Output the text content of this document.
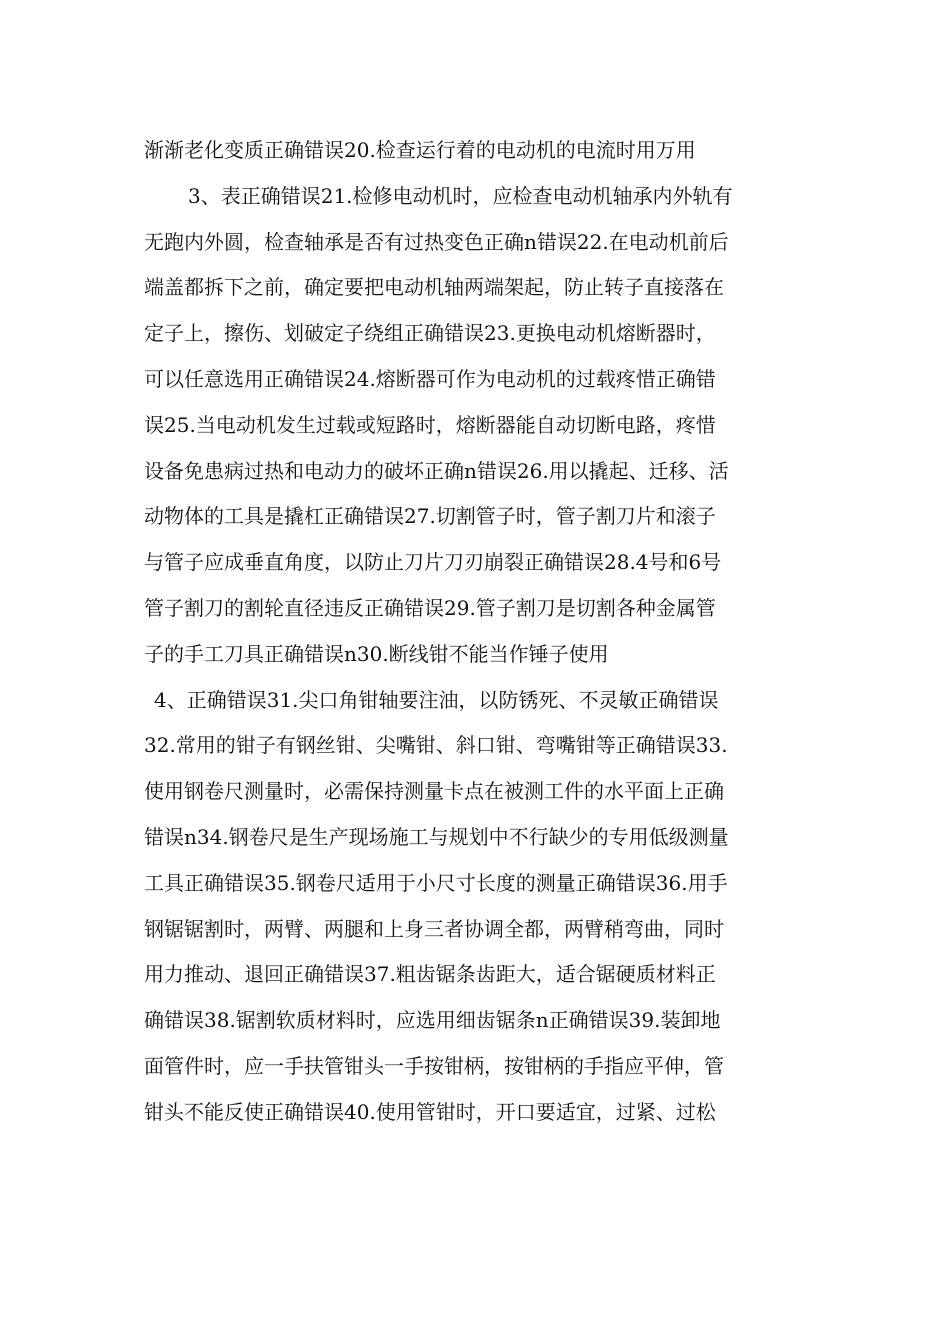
渐渐老化变质正确错误20.检查运行着的电动机的电流时用万用
3、表正确错误21.检修电动机时，应检查电动机轴承内外轨有
无跑内外圆，检查轴承是否有过热变色正确n错误22.在电动机前后
端盖都拆下之前，确定要把电动机轴两端架起，防止转子直接落在
定子上，擦伤、划破定子绕组正确错误23.更换电动机熔断器时，
可以任意选用正确错误24.熔断器可作为电动机的过载疼惜正确错
误25.当电动机发生过载或短路时，熔断器能自动切断电路，疼惜
设备免患病过热和电动力的破坏正确n错误26.用以撬起、迁移、活
动物体的工具是撬杠正确错误27.切割管子时，管子割刀片和滚子
与管子应成垂直角度，以防止刀片刀刃崩裂正确错误28.4号和6号
管子割刀的割轮直径违反正确错误29.管子割刀是切割各种金属管
子的手工刀具正确错误n30.断线钳不能当作锤子使用
4、正确错误31.尖口角钳轴要注油，以防锈死、不灵敏正确错误
32.常用的钳子有钢丝钳、尖嘴钳、斜口钳、弯嘴钳等正确错误33.
使用钢卷尺测量时，必需保持测量卡点在被测工件的水平面上正确
错误n34.钢卷尺是生产现场施工与规划中不行缺少的专用低级测量
工具正确错误35.钢卷尺适用于小尺寸长度的测量正确错误36.用手
钢锯锯割时，两臂、两腿和上身三者协调全都，两臂稍弯曲，同时
用力推动、退回正确错误37.粗齿锯条齿距大，适合锯硬质材料正
确错误38.锯割软质材料时，应选用细齿锯条n正确错误39.装卸地
面管件时，应一手扶管钳头一手按钳柄，按钳柄的手指应平伸，管
钳头不能反使正确错误40.使用管钳时，开口要适宜，过紧、过松
